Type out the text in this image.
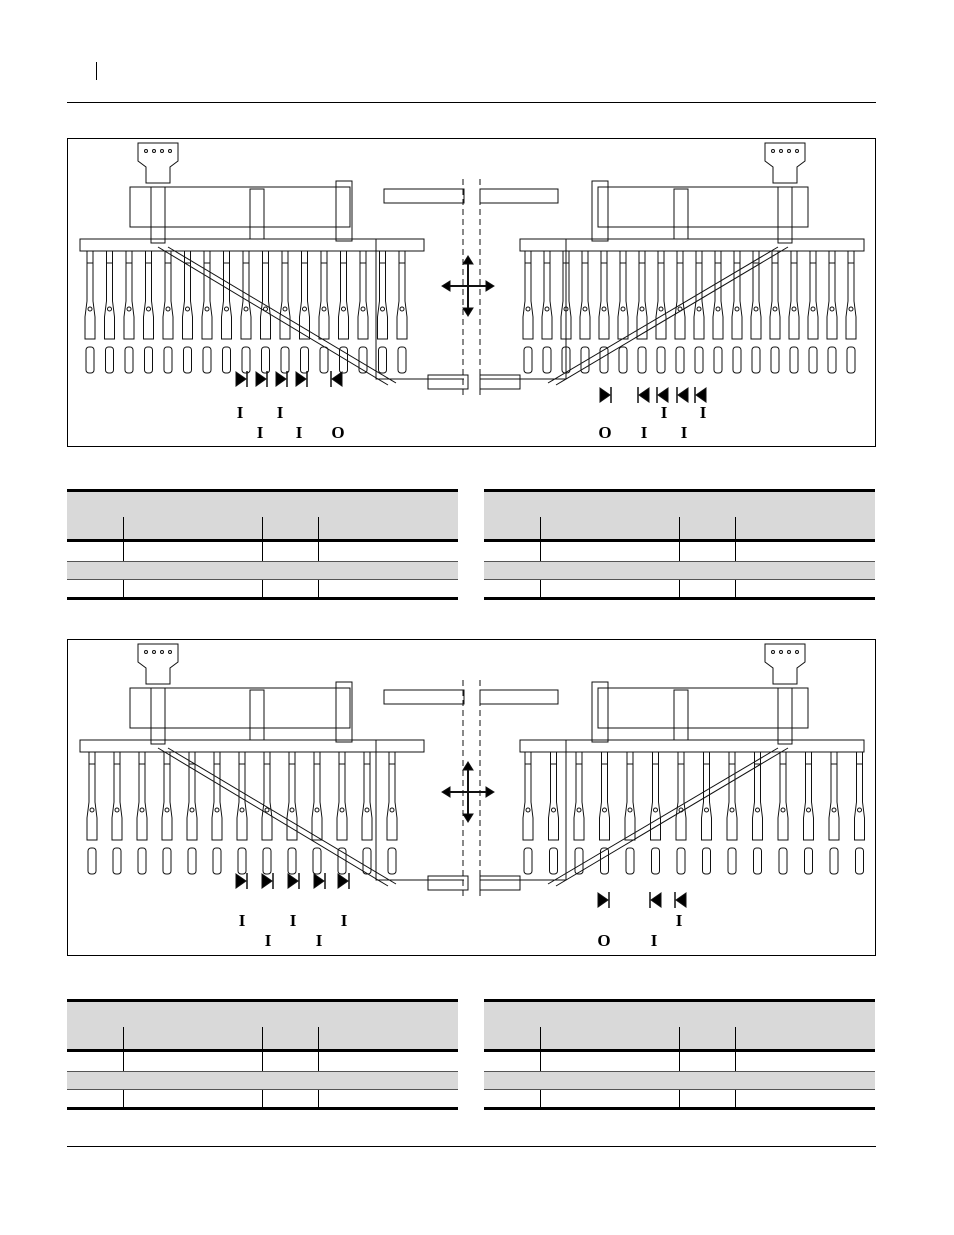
I I
I I O
I I
O I I
I	I	I
I	I
I
O I
